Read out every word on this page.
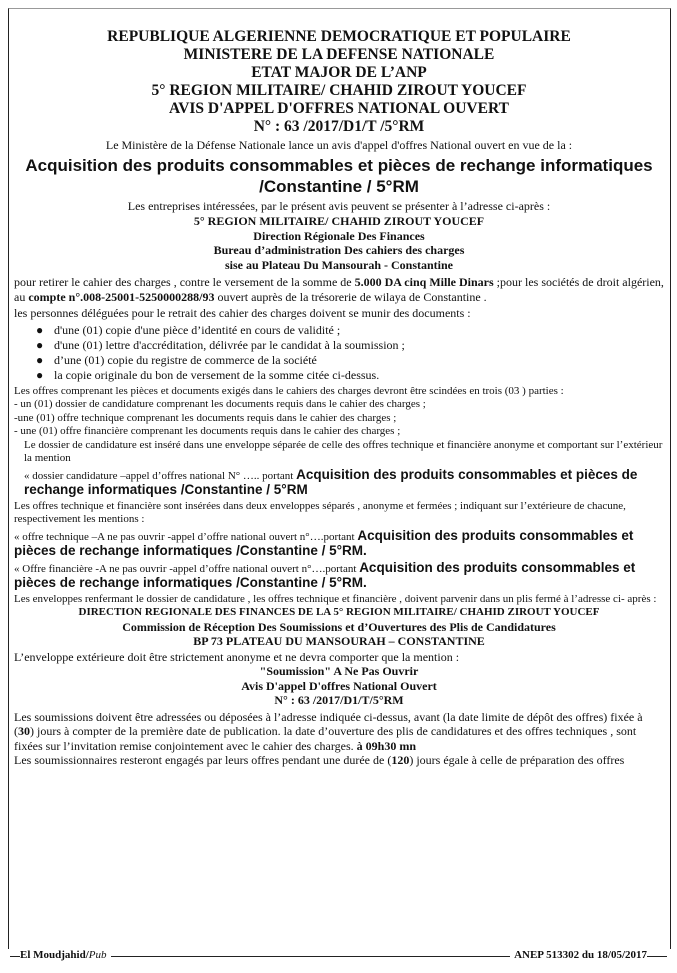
REPUBLIQUE ALGERIENNE DEMOCRATIQUE ET POPULAIRE
MINISTERE DE LA DEFENSE NATIONALE
ETAT MAJOR DE L’ANP
5° REGION MILITAIRE/ CHAHID ZIROUT YOUCEF
AVIS D'APPEL D'OFFRES NATIONAL OUVERT
N° : 63 /2017/D1/T /5°RM
Le Ministère de la Défense Nationale lance un avis d'appel d'offres National ouvert en vue de la :
Acquisition des produits consommables et pièces de rechange informatiques
/Constantine / 5°RM
Les entreprises intéressées, par le présent avis peuvent se présenter à l’adresse ci-après :
5° REGION MILITAIRE/ CHAHID ZIROUT YOUCEF
Direction Régionale Des Finances
Bureau d’administration Des cahiers des charges
sise au Plateau Du Mansourah - Constantine

pour retirer le cahier des charges , contre le versement de la somme de 5.000 DA cinq Mille Dinars ;pour les sociétés de droit algérien, au compte n°.008-25001-5250000288/93 ouvert auprès de la trésorerie de wilaya de Constantine .

les personnes déléguées pour le retrait des cahier des charges doivent se munir des documents :

● d'une (01) copie d'une pièce d’identité en cours de validité ;
● d'une (01) lettre d'accréditation, délivrée par le candidat à la soumission ;
● d’une (01) copie du registre de commerce de la société
● la copie originale du bon de versement de la somme citée ci-dessus.

Les offres comprenant les pièces et documents exigés dans le cahiers des charges devront être scindées en trois (03 ) parties :

- un (01) dossier de candidature comprenant les documents requis dans le cahier des charges ;

-une (01) offre technique comprenant les documents requis dans le cahier des charges ;

- une (01) offre financière comprenant les documents requis dans le cahier des charges ;

Le dossier de candidature est inséré dans une enveloppe séparée de celle des offres technique et financière anonyme et comportant sur l’extérieur la mention

« dossier candidature –appel d’offres national N° ….. portant Acquisition des produits consommables et pièces de rechange informatiques /Constantine / 5°RM

Les offres technique et financière sont insérées dans deux enveloppes séparés , anonyme et fermées ; indiquant sur l’extérieure de chacune, respectivement les mentions :

« offre technique –A ne pas ouvrir -appel d’offre national ouvert n°….portant Acquisition des produits consommables et pièces de rechange informatiques /Constantine / 5°RM.

« Offre financière -A ne pas ouvrir -appel d’offre national ouvert n°….portant Acquisition des produits consommables et pièces de rechange informatiques /Constantine / 5°RM.

Les enveloppes renfermant le dossier de candidature , les offres technique et financière , doivent parvenir dans un plis fermé à l’adresse ci- après :

DIRECTION REGIONALE DES FINANCES DE LA 5° REGION MILITAIRE/ CHAHID ZIROUT YOUCEF
Commission de Réception Des Soumissions et d’Ouvertures des Plis de Candidatures
BP 73 PLATEAU DU MANSOURAH – CONSTANTINE

L’enveloppe extérieure doit être strictement anonyme et ne devra comporter que la mention :

"Soumission" A Ne Pas Ouvrir
Avis D'appel D'offres National Ouvert
N° : 63 /2017/D1/T/5°RM

Les soumissions doivent être adressées ou déposées à l’adresse indiquée ci-dessus, avant (la date limite de dépôt des offres) fixée à (30) jours à compter de la première date de publication. la date d’ouverture des plis de candidatures et des offres techniques , sont fixées sur l’invitation remise conjointement avec le cahier des charges. à 09h30 mn

Les soumissionnaires resteront engagés par leurs offres pendant une durée de (120) jours égale à celle de préparation des offres

El Moudjahid/Pub	ANEP 513302 du 18/05/2017
